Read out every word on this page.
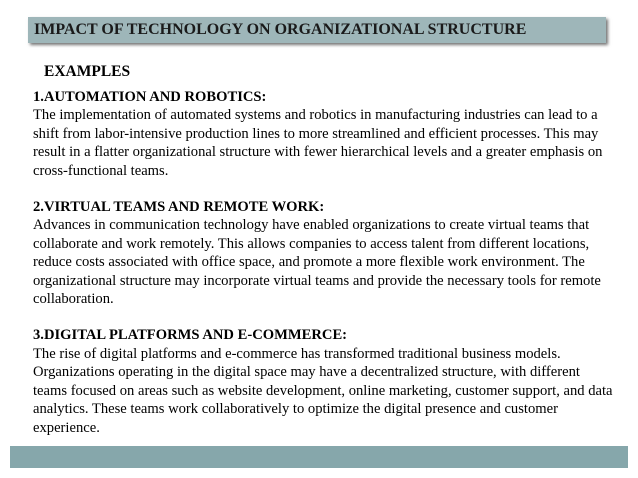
IMPACT OF TECHNOLOGY ON ORGANIZATIONAL STRUCTURE
EXAMPLES
1.AUTOMATION AND ROBOTICS:

The implementation of automated systems and robotics in manufacturing industries can lead to a shift from labor-intensive production lines to more streamlined and efficient processes. This may result in a flatter organizational structure with fewer hierarchical levels and a greater emphasis on cross-functional teams.

2.VIRTUAL TEAMS AND REMOTE WORK:

Advances in communication technology have enabled organizations to create virtual teams that collaborate and work remotely. This allows companies to access talent from different locations, reduce costs associated with office space, and promote a more flexible work environment. The organizational structure may incorporate virtual teams and provide the necessary tools for remote collaboration.

3.DIGITAL PLATFORMS AND E-COMMERCE:

The rise of digital platforms and e-commerce has transformed traditional business models. Organizations operating in the digital space may have a decentralized structure, with different teams focused on areas such as website development, online marketing, customer support, and data analytics. These teams work collaboratively to optimize the digital presence and customer experience.
